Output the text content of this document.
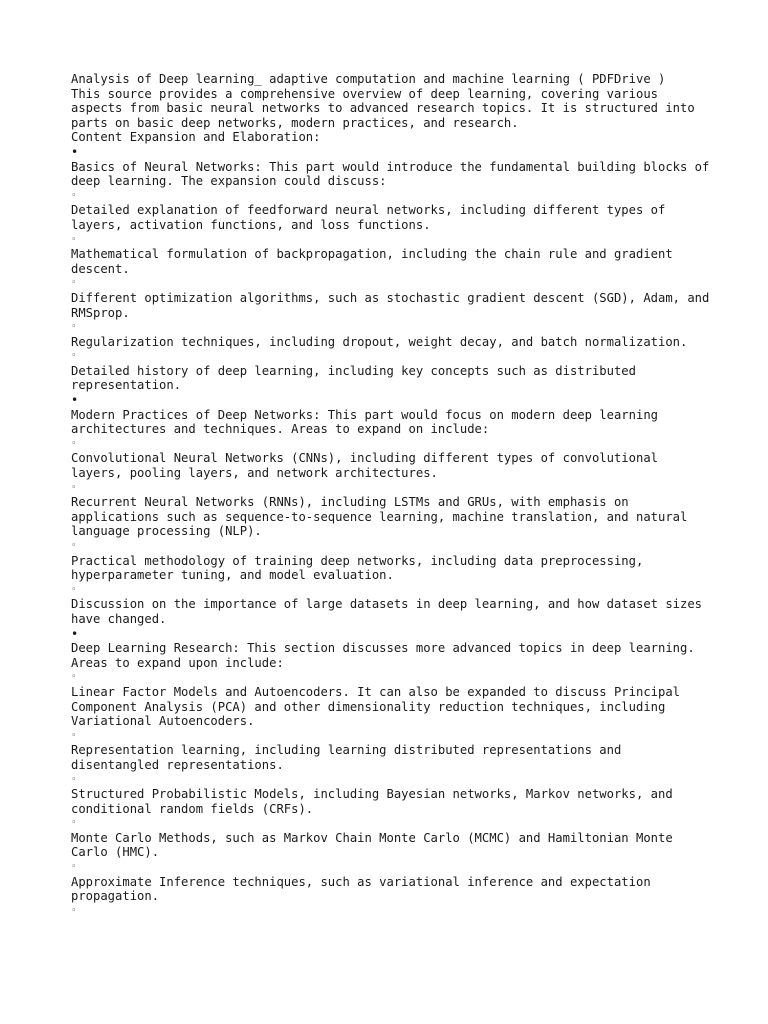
Analysis of Deep learning_ adaptive computation and machine learning ( PDFDrive )
This source provides a comprehensive overview of deep learning, covering various aspects from basic neural networks to advanced research topics. It is structured into parts on basic deep networks, modern practices, and research.
Content Expansion and Elaboration:
•
Basics of Neural Networks: This part would introduce the fundamental building blocks of deep learning. The expansion could discuss:
◦
Detailed explanation of feedforward neural networks, including different types of layers, activation functions, and loss functions.
◦
Mathematical formulation of backpropagation, including the chain rule and gradient descent.
◦
Different optimization algorithms, such as stochastic gradient descent (SGD), Adam, and RMSprop.
◦
Regularization techniques, including dropout, weight decay, and batch normalization.
◦
Detailed history of deep learning, including key concepts such as distributed representation.
•
Modern Practices of Deep Networks: This part would focus on modern deep learning architectures and techniques. Areas to expand on include:
◦
Convolutional Neural Networks (CNNs), including different types of convolutional layers, pooling layers, and network architectures.
◦
Recurrent Neural Networks (RNNs), including LSTMs and GRUs, with emphasis on applications such as sequence-to-sequence learning, machine translation, and natural language processing (NLP).
◦
Practical methodology of training deep networks, including data preprocessing, hyperparameter tuning, and model evaluation.
◦
Discussion on the importance of large datasets in deep learning, and how dataset sizes have changed.
•
Deep Learning Research: This section discusses more advanced topics in deep learning. Areas to expand upon include:
◦
Linear Factor Models and Autoencoders. It can also be expanded to discuss Principal Component Analysis (PCA) and other dimensionality reduction techniques, including Variational Autoencoders.
◦
Representation learning, including learning distributed representations and disentangled representations.
◦
Structured Probabilistic Models, including Bayesian networks, Markov networks, and conditional random fields (CRFs).
◦
Monte Carlo Methods, such as Markov Chain Monte Carlo (MCMC) and Hamiltonian Monte Carlo (HMC).
◦
Approximate Inference techniques, such as variational inference and expectation propagation.
◦
